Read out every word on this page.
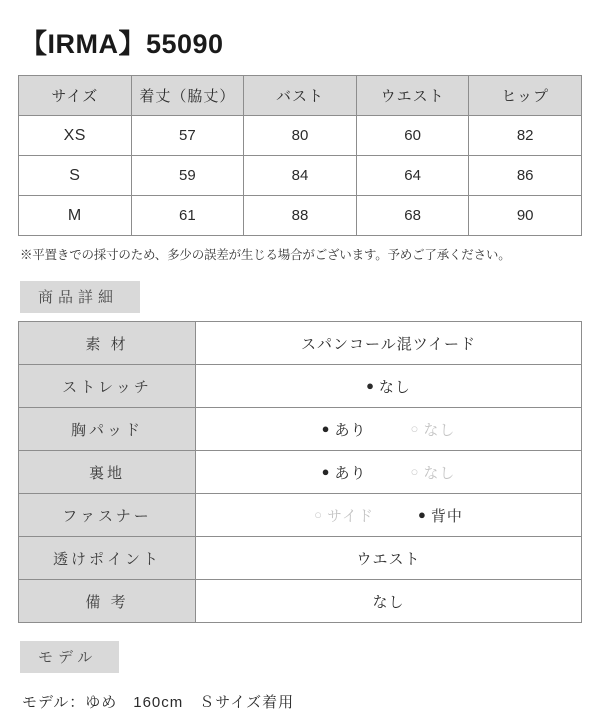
【IRMA】55090
サイズ	着丈（脇丈）	バスト	ウエスト	ヒップ
XS	57	80	60	82
S	59	84	64	86
M	61	88	68	90
※平置きでの採寸のため、多少の誤差が生じる場合がございます。予めご了承ください。
商品詳細
素 材	スパンコール混ツイード
ストレッチ	● なし

胸パッド	● あり ○ なし

裏地	● あり ○ なし

ファスナー	○ サイド ● 背中

透けポイント	ウエスト
備 考	なし
モデル
モデル：ゆめ　160cm　Ｓサイズ着用
